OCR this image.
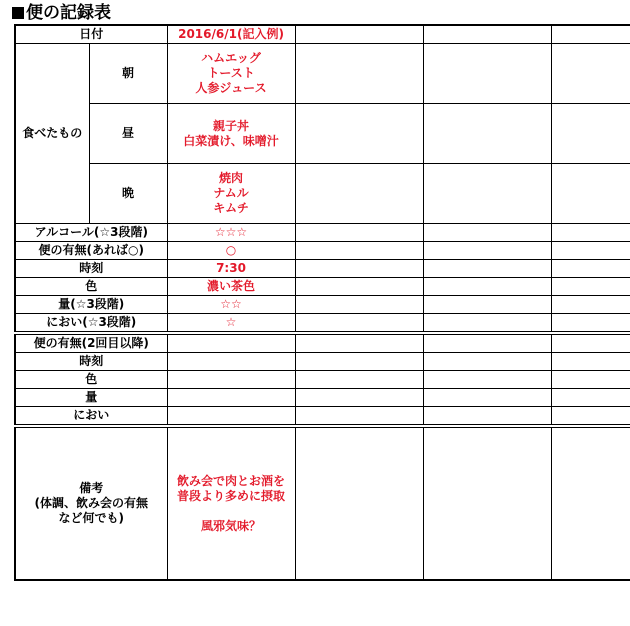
便の記録表
日付		2016/6/1(記入例)			
食べたもの	朝	ハムエッグ
トースト
人参ジュース			
	昼	親子丼
白菜漬け、味噌汁			
	晩	焼肉
ナムル
キムチ			
アルコール(☆3段階)		☆☆☆			
便の有無(あれば○)		○			
時刻		7:30			
色		濃い茶色			
量(☆3段階)		☆☆			
におい(☆3段階)		☆			
便の有無(2回目以降)					
時刻					
色					
量					
におい					
備考
(体調、飲み会の有無
など何でも)		飲み会で肉とお酒を
普段より多めに摂取

風邪気味？			
